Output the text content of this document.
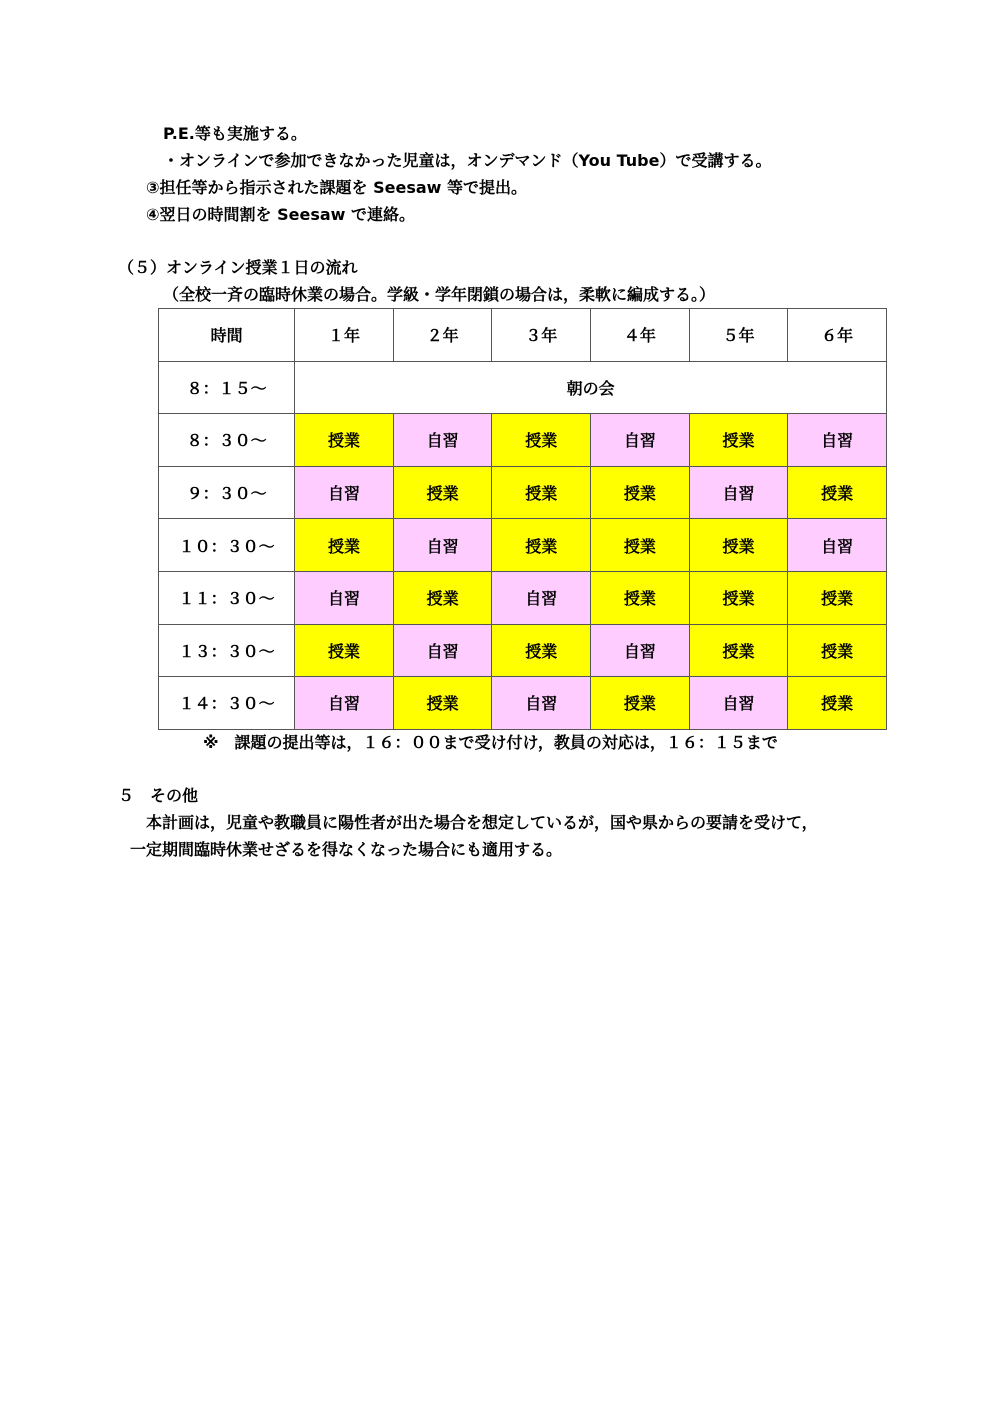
P.E.等も実施する。
・オンラインで参加できなかった児童は，オンデマンド（You Tube）で受講する。
③担任等から指示された課題を Seesaw 等で提出。
④翌日の時間割を Seesaw で連絡。
（５）オンライン授業１日の流れ
（全校一斉の臨時休業の場合。学級・学年閉鎖の場合は，柔軟に編成する。）
時間	１年	２年	３年	４年	５年	６年
８：１５～	朝の会					
８：３０～	授業	自習	授業	自習	授業	自習
９：３０～	自習	授業	授業	授業	自習	授業
１０：３０～	授業	自習	授業	授業	授業	自習
１１：３０～	自習	授業	自習	授業	授業	授業
１３：３０～	授業	自習	授業	自習	授業	授業
１４：３０～	自習	授業	自習	授業	自習	授業
※　課題の提出等は，１６：００まで受け付け，教員の対応は，１６：１５まで
５　その他
本計画は，児童や教職員に陽性者が出た場合を想定しているが，国や県からの要請を受けて，
一定期間臨時休業せざるを得なくなった場合にも適用する。
